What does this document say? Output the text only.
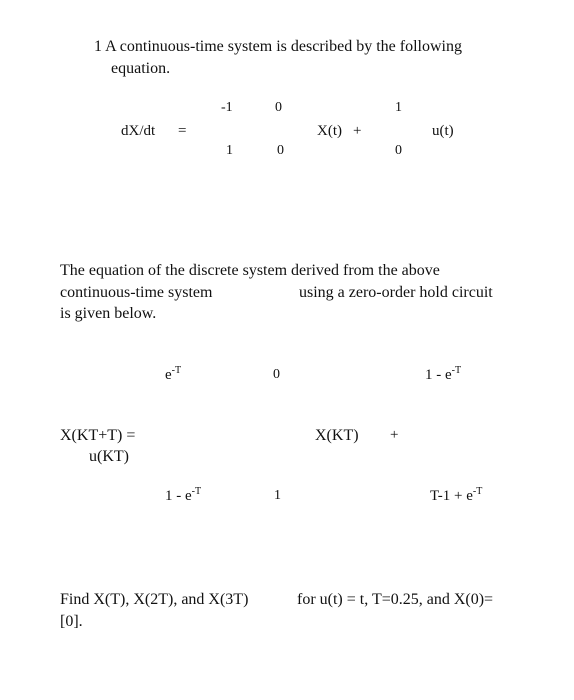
1 A continuous-time system is described by the following
equation.
dX/dt =
-1	0
1	0
X(t) +
1
0
u(t)
The equation of the discrete system derived from the above
continuous-time system	using a zero-order hold circuit
is given below.
$e^{-T}$	0	$1 - e^{-T}$
X(KT+T) =
u(KT)
X(KT) +
$1 - e^{-T}$	1	$T-1 + e^{-T}$
Find X(T), X(2T), and X(3T)	for u(t) = t, T=0.25, and X(0)=
[0].
